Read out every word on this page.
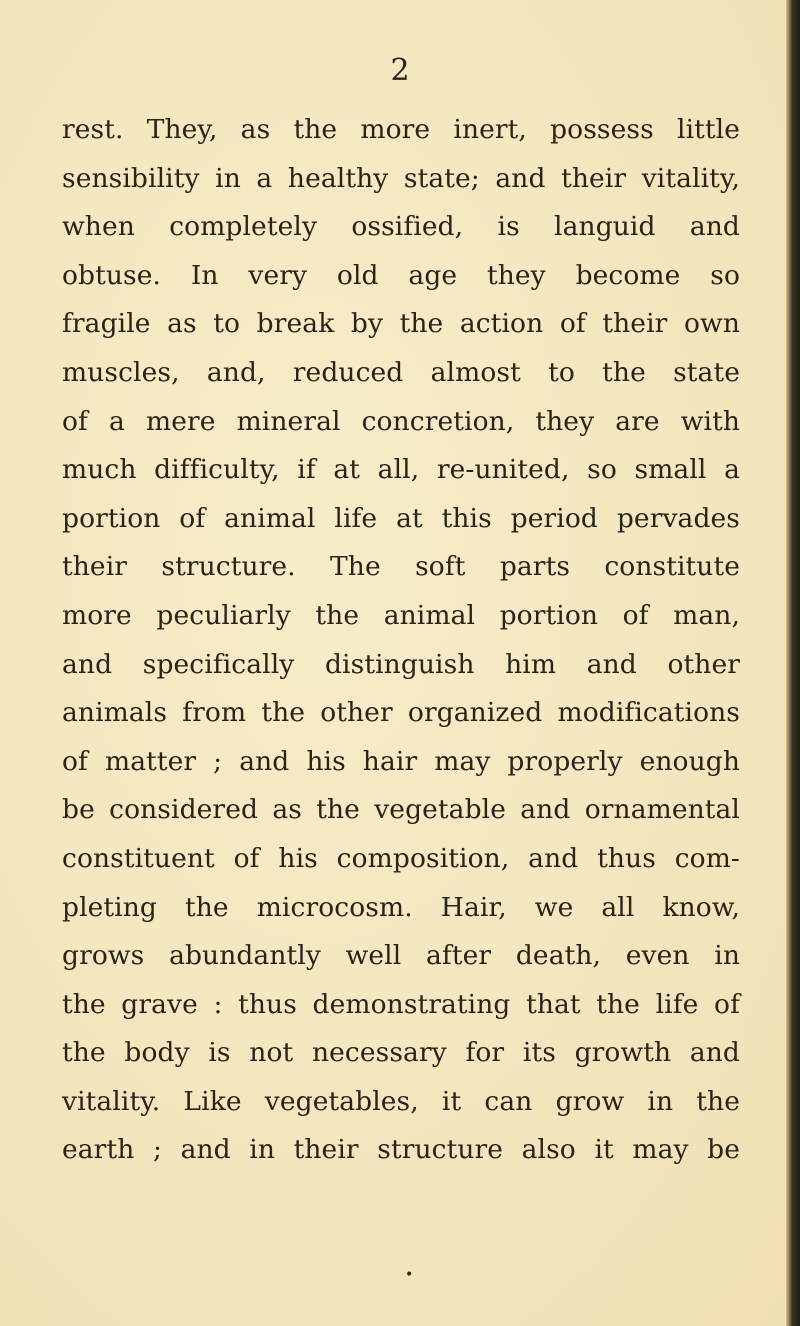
2
rest. They, as the more inert, possess little
sensibility in a healthy state; and their vitality,
when completely ossified, is languid and
obtuse. In very old age they become so
fragile as to break by the action of their own
muscles, and, reduced almost to the state
of a mere mineral concretion, they are with
much difficulty, if at all, re-united, so small a
portion of animal life at this period pervades
their structure. The soft parts constitute
more peculiarly the animal portion of man,
and specifically distinguish him and other
animals from the other organized modifications
of matter ; and his hair may properly enough
be considered as the vegetable and ornamental
constituent of his composition, and thus com-
pleting the microcosm. Hair, we all know,
grows abundantly well after death, even in
the grave : thus demonstrating that the life of
the body is not necessary for its growth and
vitality. Like vegetables, it can grow in the
earth ; and in their structure also it may be
•
